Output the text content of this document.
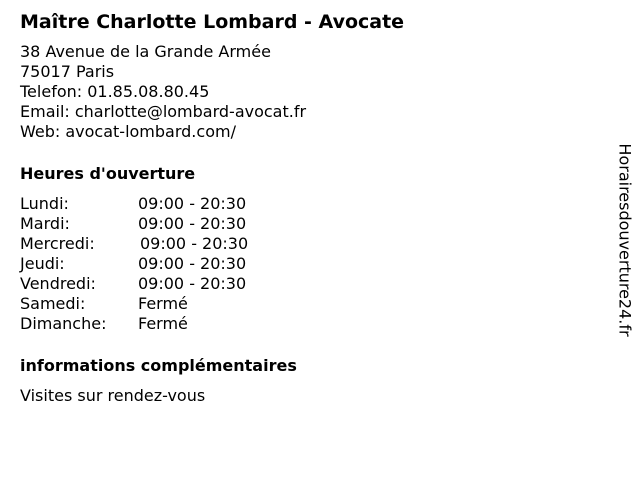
Maître Charlotte Lombard - Avocate
38 Avenue de la Grande Armée
75017 Paris
Telefon: 01.85.08.80.45
Email: charlotte@lombard-avocat.fr
Web: avocat-lombard.com/
Heures d'ouverture
Lundi:	09:00 - 20:30
Mardi:	09:00 - 20:30
Mercredi:	09:00 - 20:30
Jeudi:	09:00 - 20:30
Vendredi:	09:00 - 20:30
Samedi:	Fermé
Dimanche: Fermé
informations complémentaires
Visites sur rendez-vous
Horairesdouverture24.fr
